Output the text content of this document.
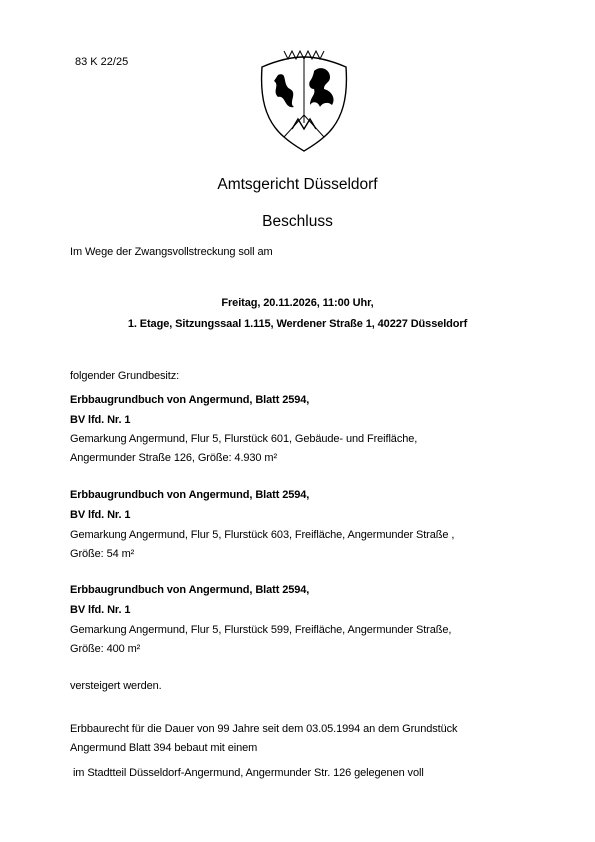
83 K 22/25
Amtsgericht Düsseldorf
Beschluss
Im Wege der Zwangsvollstreckung soll am
Freitag, 20.11.2026, 11:00 Uhr,
1. Etage, Sitzungssaal 1.115, Werdener Straße 1, 40227 Düsseldorf
folgender Grundbesitz:
Erbbaugrundbuch von Angermund, Blatt 2594,
BV lfd. Nr. 1
Gemarkung Angermund, Flur 5, Flurstück 601, Gebäude- und Freifläche,
Angermunder Straße 126, Größe: 4.930 m²
Erbbaugrundbuch von Angermund, Blatt 2594,
BV lfd. Nr. 1
Gemarkung Angermund, Flur 5, Flurstück 603, Freifläche, Angermunder Straße ,
Größe: 54 m²
Erbbaugrundbuch von Angermund, Blatt 2594,
BV lfd. Nr. 1
Gemarkung Angermund, Flur 5, Flurstück 599, Freifläche, Angermunder Straße,
Größe: 400 m²
versteigert werden.
Erbbaurecht für die Dauer von 99 Jahre seit dem 03.05.1994 an dem Grundstück
Angermund Blatt 394 bebaut mit einem
im Stadtteil Düsseldorf-Angermund, Angermunder Str. 126 gelegenen voll
